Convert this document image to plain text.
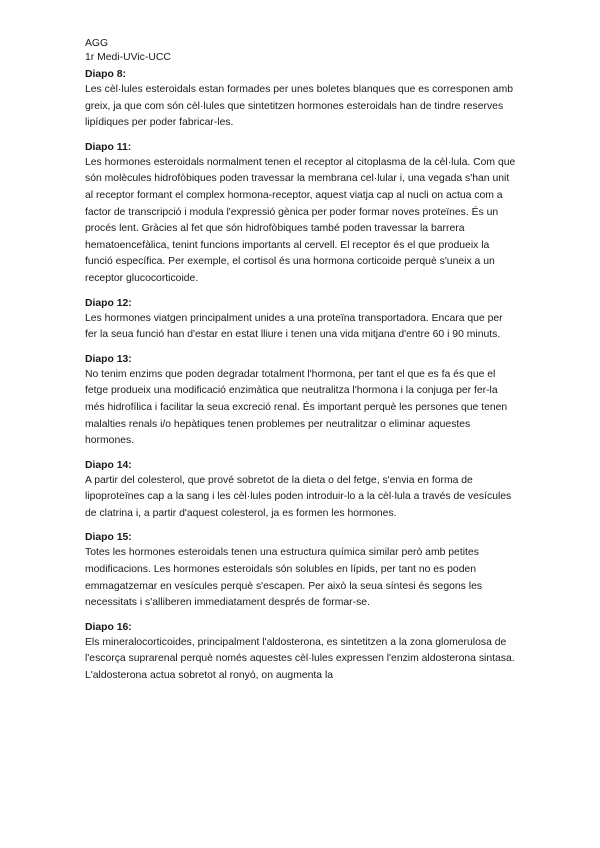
AGG

1r Medi-UVic-UCC

Diapo 8:

Les cèl·lules esteroidals estan formades per unes boletes blanques que es corresponen amb greix, ja que com són cèl·lules que sintetitzen hormones esteroidals han de tindre reserves lipídiques per poder fabricar-les.

Diapo 11:

Les hormones esteroidals normalment tenen el receptor al citoplasma de la cèl·lula. Com que són molècules hidrofòbiques poden travessar la membrana cel·lular i, una vegada s'han unit al receptor formant el complex hormona-receptor, aquest viatja cap al nucli on actua com a factor de transcripció i modula l'expressió gènica per poder formar noves proteïnes. És un procés lent. Gràcies al fet que són hidrofòbiques també poden travessar la barrera hematoencefàlica, tenint funcions importants al cervell. El receptor és el que produeix la funció específica. Per exemple, el cortisol és una hormona corticoide perquè s'uneix a un receptor glucocorticoide.

Diapo 12:

Les hormones viatgen principalment unides a una proteïna transportadora. Encara que per fer la seua funció han d'estar en estat lliure i tenen una vida mitjana d'entre 60 i 90 minuts.

Diapo 13:

No tenim enzims que poden degradar totalment l'hormona, per tant el que es fa és que el fetge produeix una modificació enzimàtica que neutralitza l'hormona i la conjuga per fer-la més hidrofílica i facilitar la seua excreció renal. És important perquè les persones que tenen malalties renals i/o hepàtiques tenen problemes per neutralitzar o eliminar aquestes hormones.

Diapo 14:

A partir del colesterol, que prové sobretot de la dieta o del fetge, s'envia en forma de lipoproteïnes cap a la sang i les cèl·lules poden introduir-lo a la cèl·lula a través de vesícules de clatrina i, a partir d'aquest colesterol, ja es formen les hormones.

Diapo 15:

Totes les hormones esteroidals tenen una estructura química similar però amb petites modificacions. Les hormones esteroidals són solubles en lípids, per tant no es poden emmagatzemar en vesícules perquè s'escapen. Per això la seua síntesi és segons les necessitats i s'alliberen immediatament després de formar-se.

Diapo 16:

Els mineralocorticoides, principalment l'aldosterona, es sintetitzen a la zona glomerulosa de l'escorça suprarenal perquè només aquestes cèl·lules expressen l'enzim aldosterona sintasa. L'aldosterona actua sobretot al ronyó, on augmenta la
